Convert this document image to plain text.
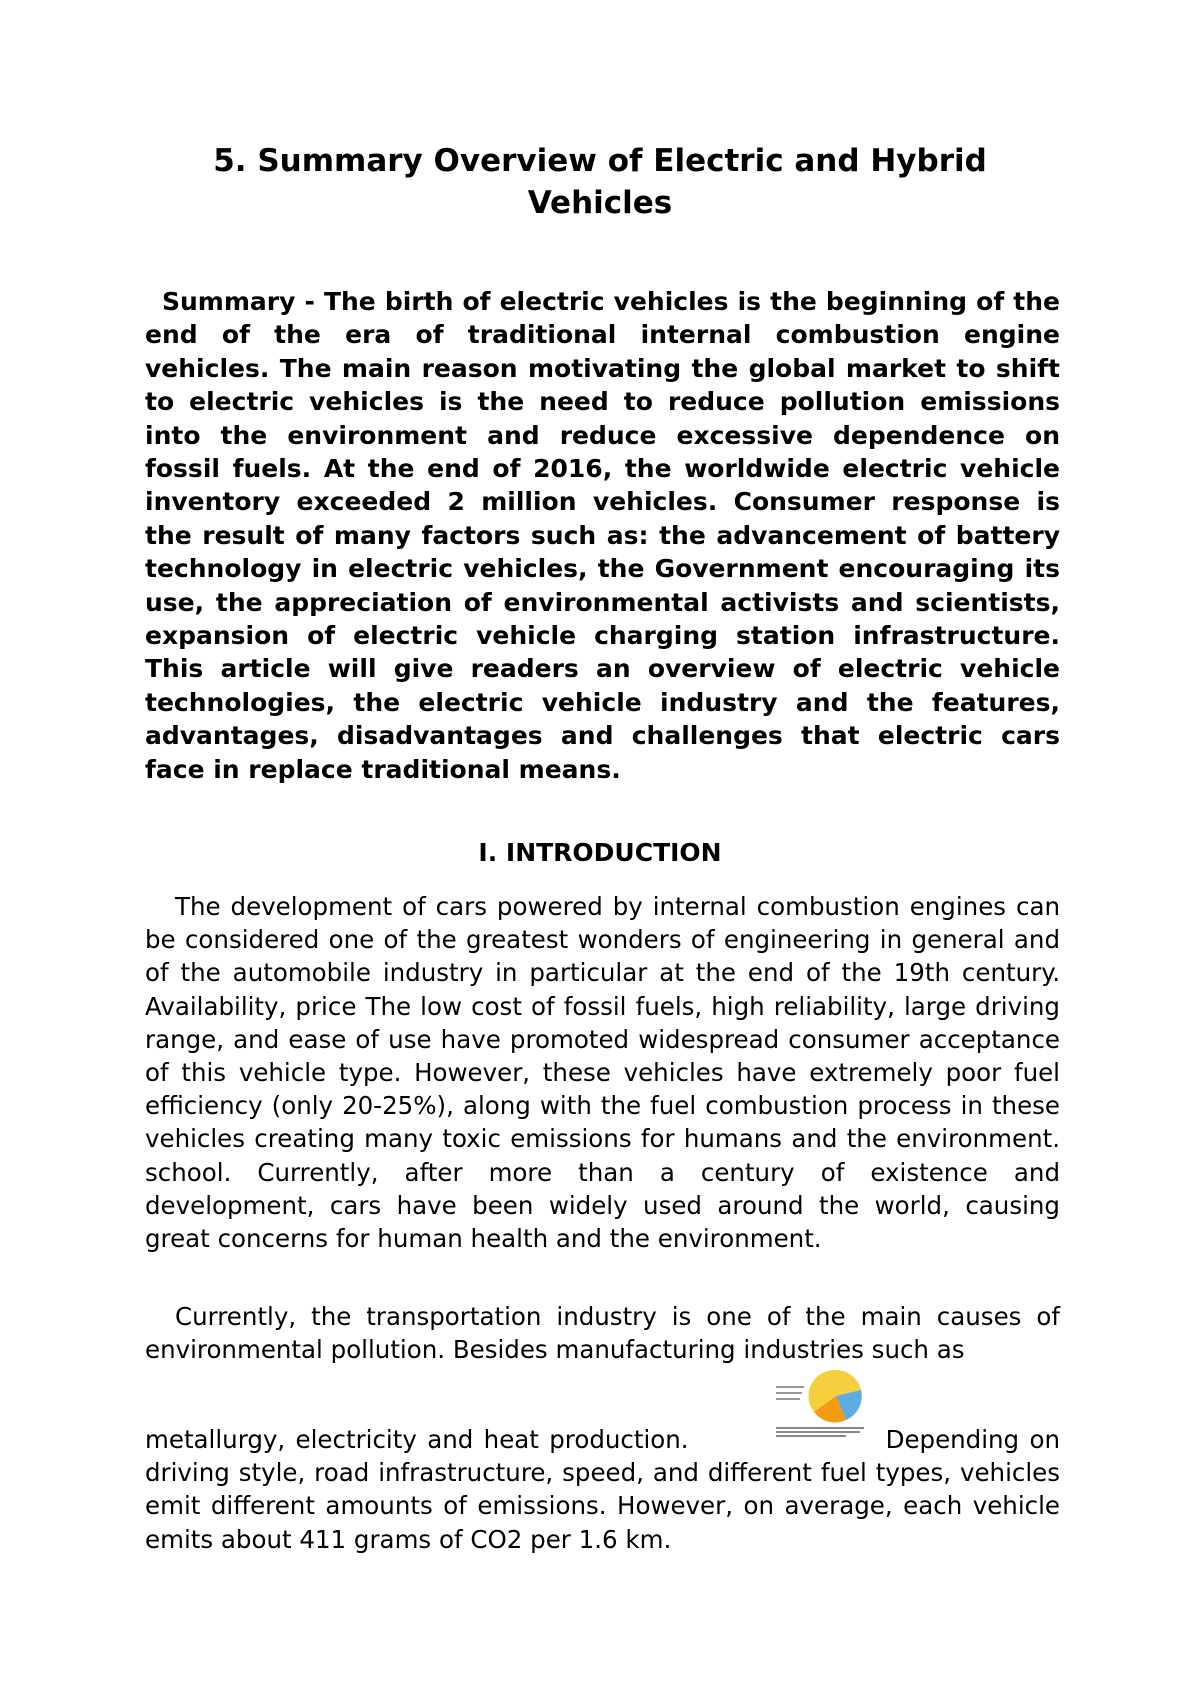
5. Summary Overview of Electric and Hybrid
Vehicles

Summary - The birth of electric vehicles is the beginning of the end of the era of traditional internal combustion engine vehicles. The main reason motivating the global market to shift to electric vehicles is the need to reduce pollution emissions into the environment and reduce excessive dependence on fossil fuels. At the end of 2016, the worldwide electric vehicle inventory exceeded 2 million vehicles. Consumer response is the result of many factors such as: the advancement of battery technology in electric vehicles, the Government encouraging its use, the appreciation of environmental activists and scientists, expansion of electric vehicle charging station infrastructure. This article will give readers an overview of electric vehicle technologies, the electric vehicle industry and the features, advantages, disadvantages and challenges that electric cars face in replace traditional means.

I. INTRODUCTION

The development of cars powered by internal combustion engines can be considered one of the greatest wonders of engineering in general and of the automobile industry in particular at the end of the 19th century. Availability, price The low cost of fossil fuels, high reliability, large driving range, and ease of use have promoted widespread consumer acceptance of this vehicle type. However, these vehicles have extremely poor fuel efficiency (only 20-25%), along with the fuel combustion process in these vehicles creating many toxic emissions for humans and the environment. school. Currently, after more than a century of existence and development, cars have been widely used around the world, causing great concerns for human health and the environment.

Currently, the transportation industry is one of the main causes of environmental pollution. Besides manufacturing industries such as

metallurgy, electricity and heat production.                   Depending on driving style, road infrastructure, speed, and different fuel types, vehicles emit different amounts of emissions. However, on average, each vehicle emits about 411 grams of CO2 per 1.6 km.
